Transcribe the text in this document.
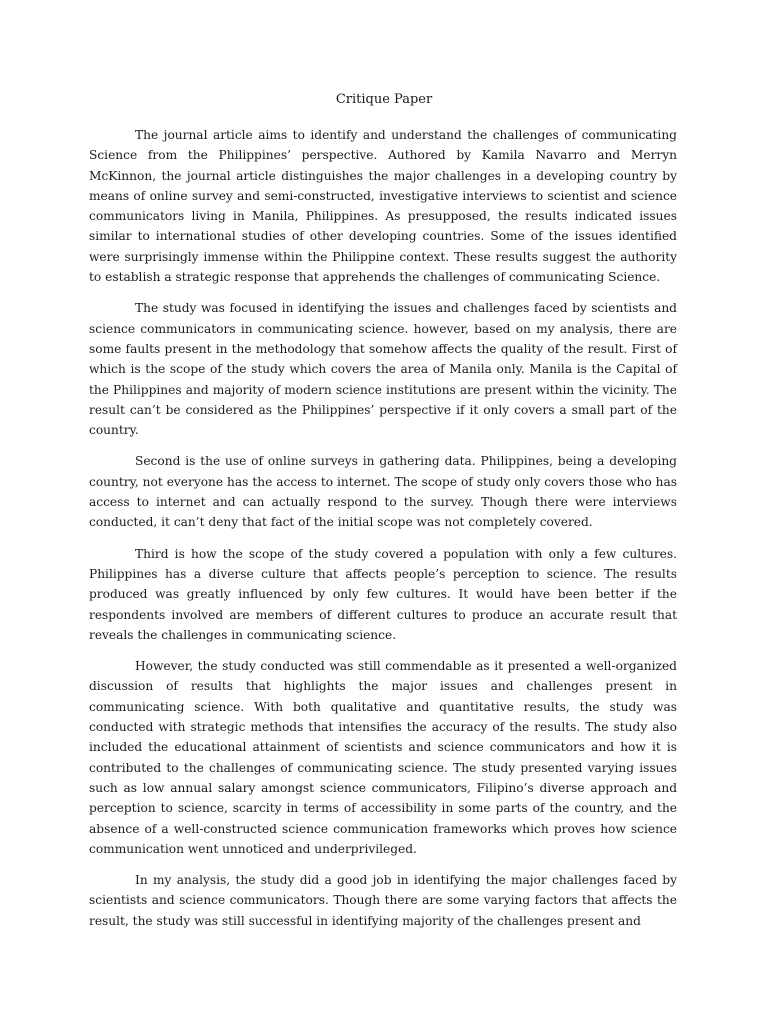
Critique Paper

The journal article aims to identify and understand the challenges of communicating Science from the Philippines’ perspective. Authored by Kamila Navarro and Merryn McKinnon, the journal article distinguishes the major challenges in a developing country by means of online survey and semi-constructed, investigative interviews to scientist and science communicators living in Manila, Philippines. As presupposed, the results indicated issues similar to international studies of other developing countries. Some of the issues identified were surprisingly immense within the Philippine context. These results suggest the authority to establish a strategic response that apprehends the challenges of communicating Science.

The study was focused in identifying the issues and challenges faced by scientists and science communicators in communicating science. however, based on my analysis, there are some faults present in the methodology that somehow affects the quality of the result. First of which is the scope of the study which covers the area of Manila only. Manila is the Capital of the Philippines and majority of modern science institutions are present within the vicinity. The result can’t be considered as the Philippines’ perspective if it only covers a small part of the country.

Second is the use of online surveys in gathering data. Philippines, being a developing country, not everyone has the access to internet. The scope of study only covers those who has access to internet and can actually respond to the survey. Though there were interviews conducted, it can’t deny that fact of the initial scope was not completely covered.

Third is how the scope of the study covered a population with only a few cultures. Philippines has a diverse culture that affects people’s perception to science. The results produced was greatly influenced by only few cultures. It would have been better if the respondents involved are members of different cultures to produce an accurate result that reveals the challenges in communicating science.

However, the study conducted was still commendable as it presented a well-organized discussion of results that highlights the major issues and challenges present in communicating science. With both qualitative and quantitative results, the study was conducted with strategic methods that intensifies the accuracy of the results. The study also included the educational attainment of scientists and science communicators and how it is contributed to the challenges of communicating science. The study presented varying issues such as low annual salary amongst science communicators, Filipino’s diverse approach and perception to science, scarcity in terms of accessibility in some parts of the country, and the absence of a well-constructed science communication frameworks which proves how science communication went unnoticed and underprivileged.

In my analysis, the study did a good job in identifying the major challenges faced by scientists and science communicators. Though there are some varying factors that affects the result, the study was still successful in identifying majority of the challenges present and
